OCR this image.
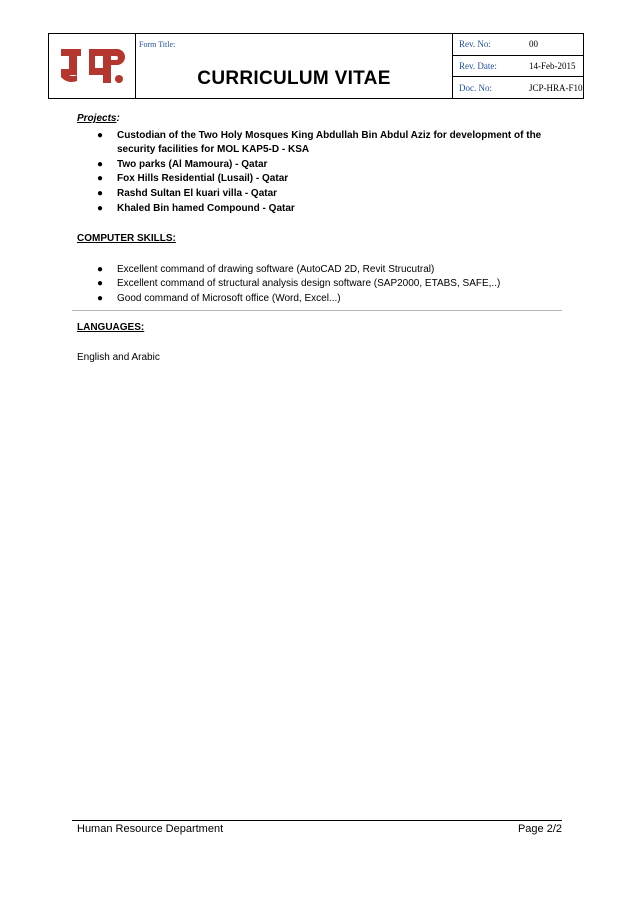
Form Title:
CURRICULUM VITAE
Rev. No:	00
Rev. Date:	14-Feb-2015
Doc. No:	JCP-HRA-F10
Projects:
● Custodian of the Two Holy Mosques King Abdullah Bin Abdul Aziz for development of the
security facilities for MOL KAP5-D - KSA
● Two parks (Al Mamoura) - Qatar
● Fox Hills Residential (Lusail) - Qatar
● Rashd Sultan El kuari villa - Qatar
● Khaled Bin hamed Compound - Qatar
COMPUTER SKILLS:
● Excellent command of drawing software (AutoCAD 2D, Revit Strucutral)
● Excellent command of structural analysis design software (SAP2000, ETABS, SAFE,..)
● Good command of Microsoft office (Word, Excel...)
LANGUAGES:
English and Arabic
Human Resource Department	Page 2/2
